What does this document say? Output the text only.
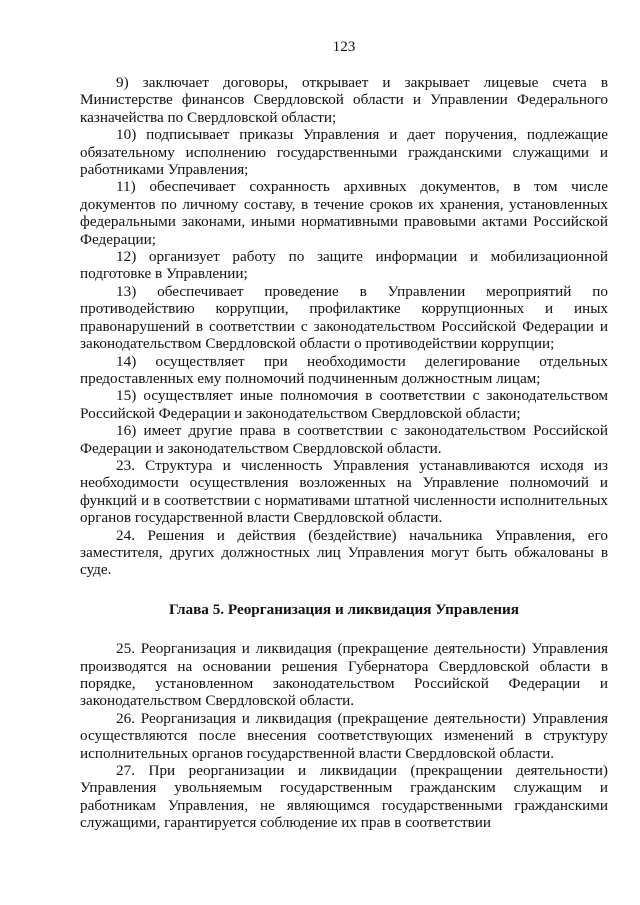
123

9) заключает договоры, открывает и закрывает лицевые счета в Министерстве финансов Свердловской области и Управлении Федерального казначейства по Свердловской области;

10) подписывает приказы Управления и дает поручения, подлежащие обязательному исполнению государственными гражданскими служащими и работниками Управления;

11) обеспечивает сохранность архивных документов, в том числе документов по личному составу, в течение сроков их хранения, установленных федеральными законами, иными нормативными правовыми актами Российской Федерации;

12) организует работу по защите информации и мобилизационной подготовке в Управлении;

13) обеспечивает проведение в Управлении мероприятий по противодействию коррупции, профилактике коррупционных и иных правонарушений в соответствии с законодательством Российской Федерации и законодательством Свердловской области о противодействии коррупции;

14) осуществляет при необходимости делегирование отдельных предоставленных ему полномочий подчиненным должностным лицам;

15) осуществляет иные полномочия в соответствии с законодательством Российской Федерации и законодательством Свердловской области;

16) имеет другие права в соответствии с законодательством Российской Федерации и законодательством Свердловской области.

23. Структура и численность Управления устанавливаются исходя из необходимости осуществления возложенных на Управление полномочий и функций и в соответствии с нормативами штатной численности исполнительных органов государственной власти Свердловской области.

24. Решения и действия (бездействие) начальника Управления, его заместителя, других должностных лиц Управления могут быть обжалованы в суде.

Глава 5. Реорганизация и ликвидация Управления

25. Реорганизация и ликвидация (прекращение деятельности) Управления производятся на основании решения Губернатора Свердловской области в порядке, установленном законодательством Российской Федерации и законодательством Свердловской области.

26. Реорганизация и ликвидация (прекращение деятельности) Управления осуществляются после внесения соответствующих изменений в структуру исполнительных органов государственной власти Свердловской области.

27. При реорганизации и ликвидации (прекращении деятельности) Управления увольняемым государственным гражданским служащим и работникам Управления, не являющимся государственными гражданскими служащими, гарантируется соблюдение их прав в соответствии
